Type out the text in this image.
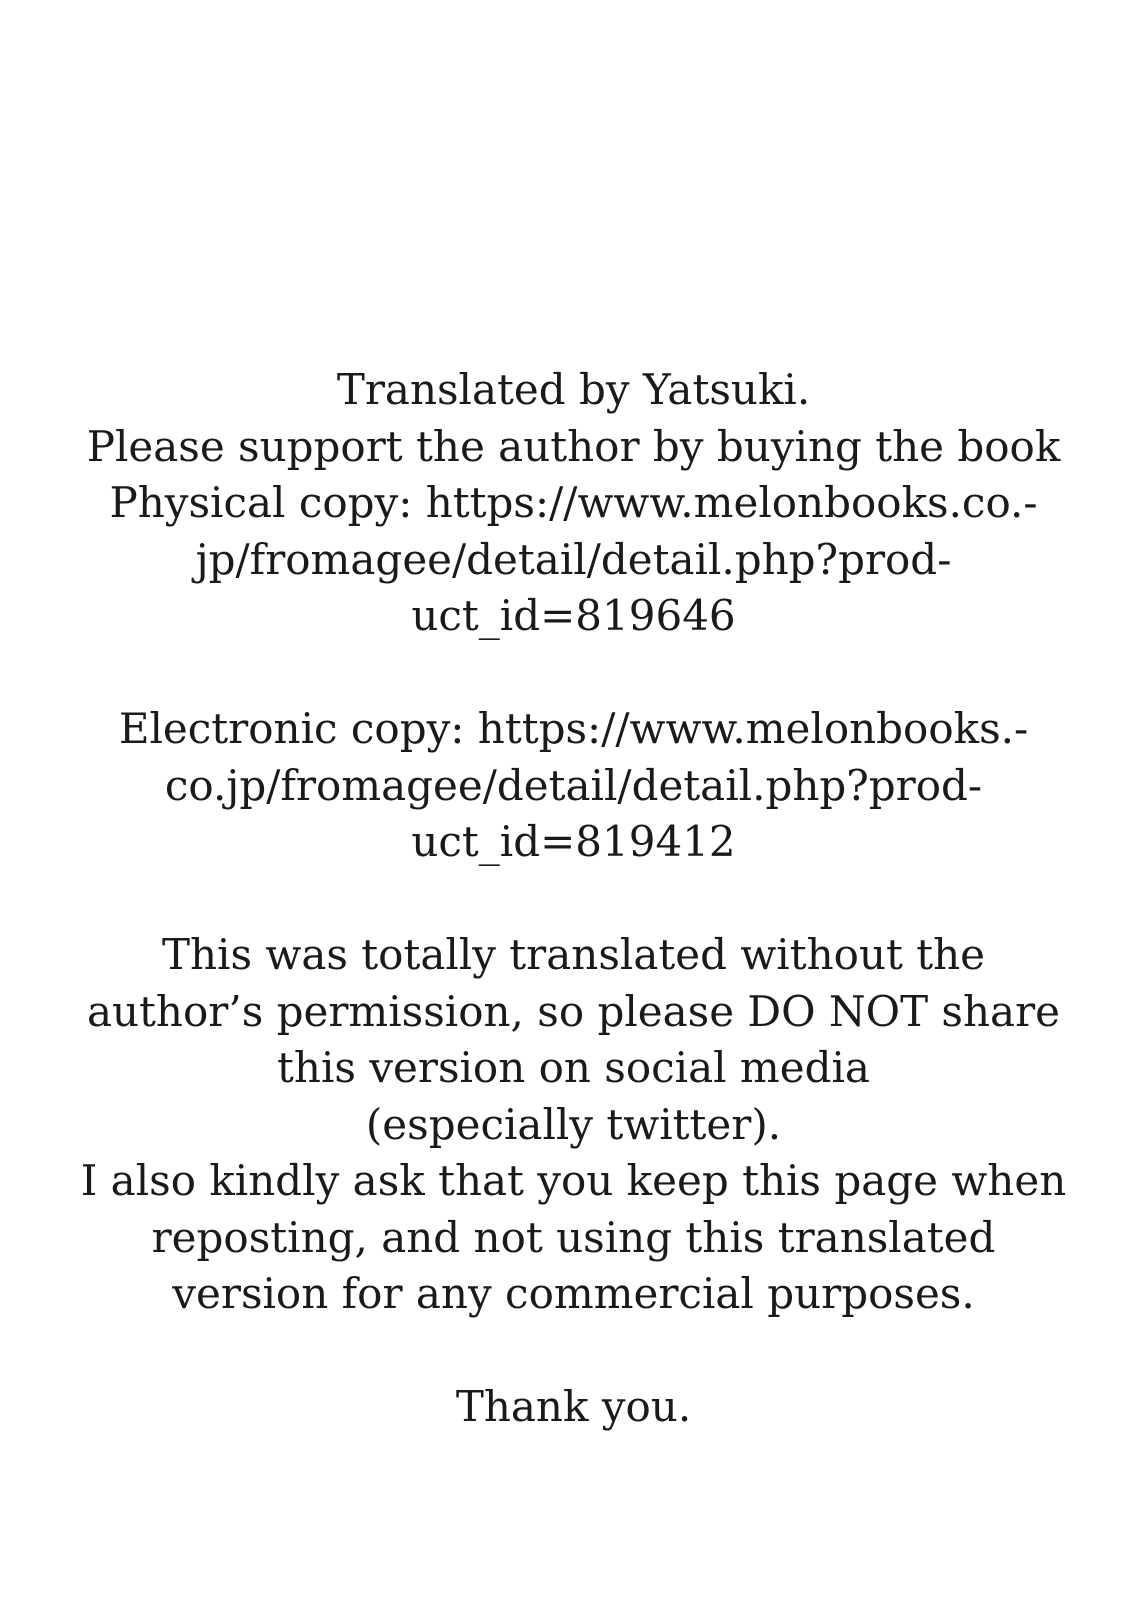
Translated by Yatsuki.
Please support the author by buying the book
Physical copy: https://www.melonbooks.co.-
jp/fromagee/detail/detail.php?prod-
uct_id=819646
Electronic copy: https://www.melonbooks.-
co.jp/fromagee/detail/detail.php?prod-
uct_id=819412
This was totally translated without the
author’s permission, so please DO NOT share
this version on social media
(especially twitter).
I also kindly ask that you keep this page when
reposting, and not using this translated
version for any commercial purposes.
Thank you.
